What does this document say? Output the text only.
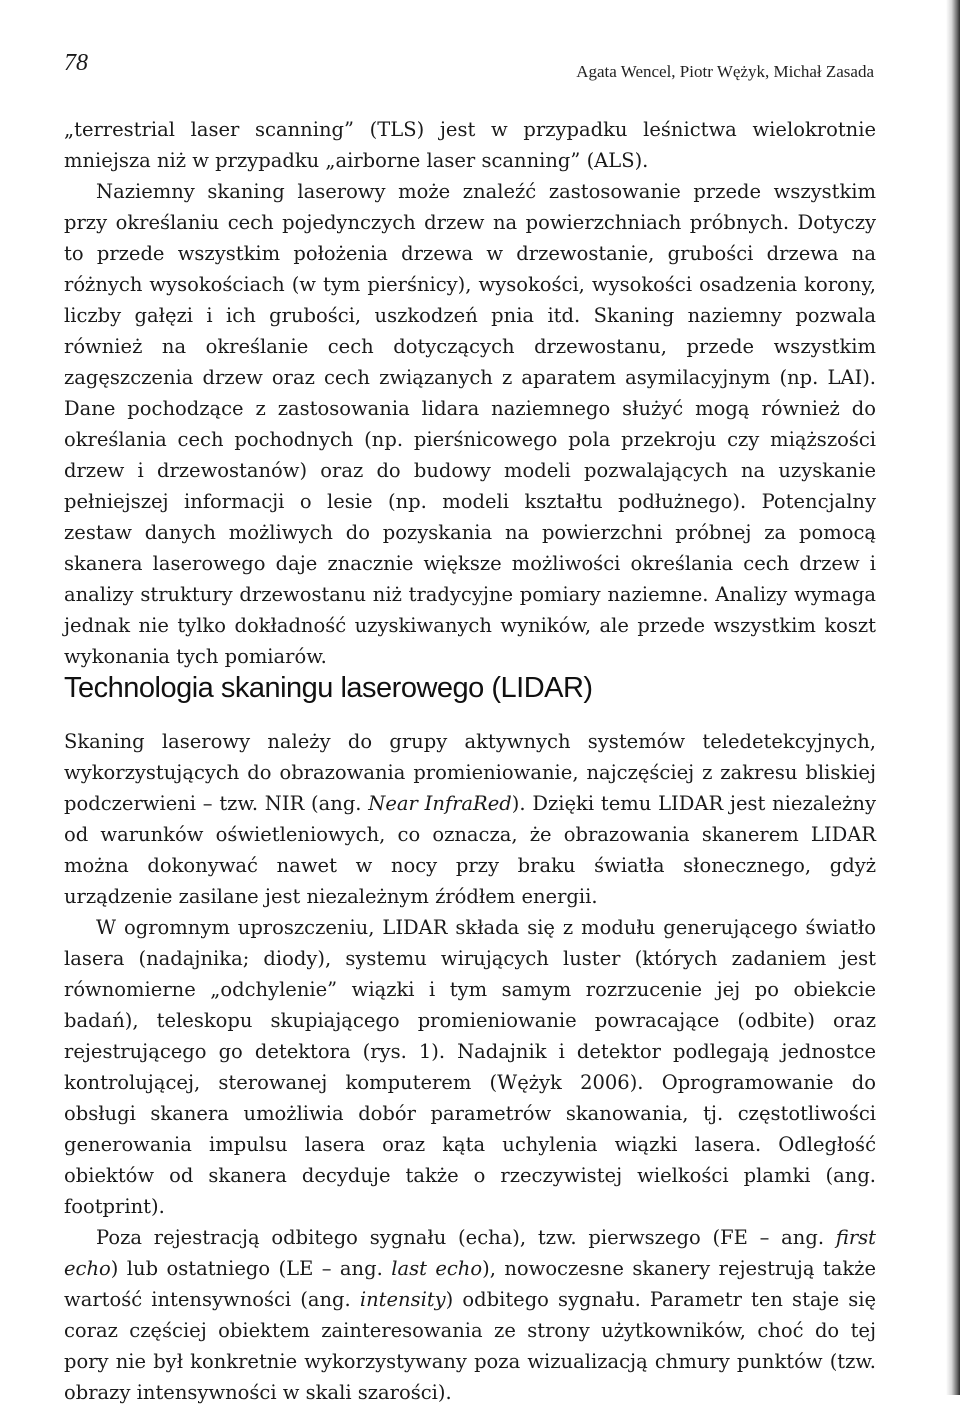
78	Agata Wencel, Piotr Wężyk, Michał Zasada

„terrestrial laser scanning” (TLS) jest w przypadku leśnictwa wielokrotnie mniejsza niż w przypadku „airborne laser scanning” (ALS).

Naziemny skaning laserowy może znaleźć zastosowanie przede wszystkim przy określaniu cech pojedynczych drzew na powierzchniach próbnych. Dotyczy to przede wszystkim położenia drzewa w drzewostanie, grubości drzewa na różnych wysokościach (w tym pierśnicy), wysokości, wysokości osadzenia korony, liczby gałęzi i ich grubości, uszkodzeń pnia itd. Skaning naziemny pozwala również na określanie cech dotyczących drzewostanu, przede wszystkim zagęszczenia drzew oraz cech związanych z aparatem asymilacyjnym (np. LAI). Dane pochodzące z zastosowania lidara naziemnego służyć mogą również do określania cech pochodnych (np. pierśnicowego pola przekroju czy miąższości drzew i drzewostanów) oraz do budowy modeli pozwalających na uzyskanie pełniejszej informacji o lesie (np. modeli kształtu podłużnego). Potencjalny zestaw danych możliwych do pozyskania na powierzchni próbnej za pomocą skanera laserowego daje znacznie większe możliwości określania cech drzew i analizy struktury drzewostanu niż tradycyjne pomiary naziemne. Analizy wymaga jednak nie tylko dokładność uzyskiwanych wyników, ale przede wszystkim koszt wykonania tych pomiarów.

Technologia skaningu laserowego (LIDAR)

Skaning laserowy należy do grupy aktywnych systemów teledetekcyjnych, wykorzystujących do obrazowania promieniowanie, najczęściej z zakresu bliskiej podczerwieni – tzw. NIR (ang. Near InfraRed). Dzięki temu LIDAR jest niezależny od warunków oświetleniowych, co oznacza, że obrazowania skanerem LIDAR można dokonywać nawet w nocy przy braku światła słonecznego, gdyż urządzenie zasilane jest niezależnym źródłem energii.

W ogromnym uproszczeniu, LIDAR składa się z modułu generującego światło lasera (nadajnika; diody), systemu wirujących luster (których zadaniem jest równomierne „odchylenie” wiązki i tym samym rozrzucenie jej po obiekcie badań), teleskopu skupiającego promieniowanie powracające (odbite) oraz rejestrującego go detektora (rys. 1). Nadajnik i detektor podlegają jednostce kontrolującej, sterowanej komputerem (Wężyk 2006). Oprogramowanie do obsługi skanera umożliwia dobór parametrów skanowania, tj. częstotliwości generowania impulsu lasera oraz kąta uchylenia wiązki lasera. Odległość obiektów od skanera decyduje także o rzeczywistej wielkości plamki (ang. footprint).

Poza rejestracją odbitego sygnału (echa), tzw. pierwszego (FE – ang. first echo) lub ostatniego (LE – ang. last echo), nowoczesne skanery rejestrują także wartość intensywności (ang. intensity) odbitego sygnału. Parametr ten staje się coraz częściej obiektem zainteresowania ze strony użytkowników, choć do tej pory nie był konkretnie wykorzystywany poza wizualizacją chmury punktów (tzw. obrazy intensywności w skali szarości).
